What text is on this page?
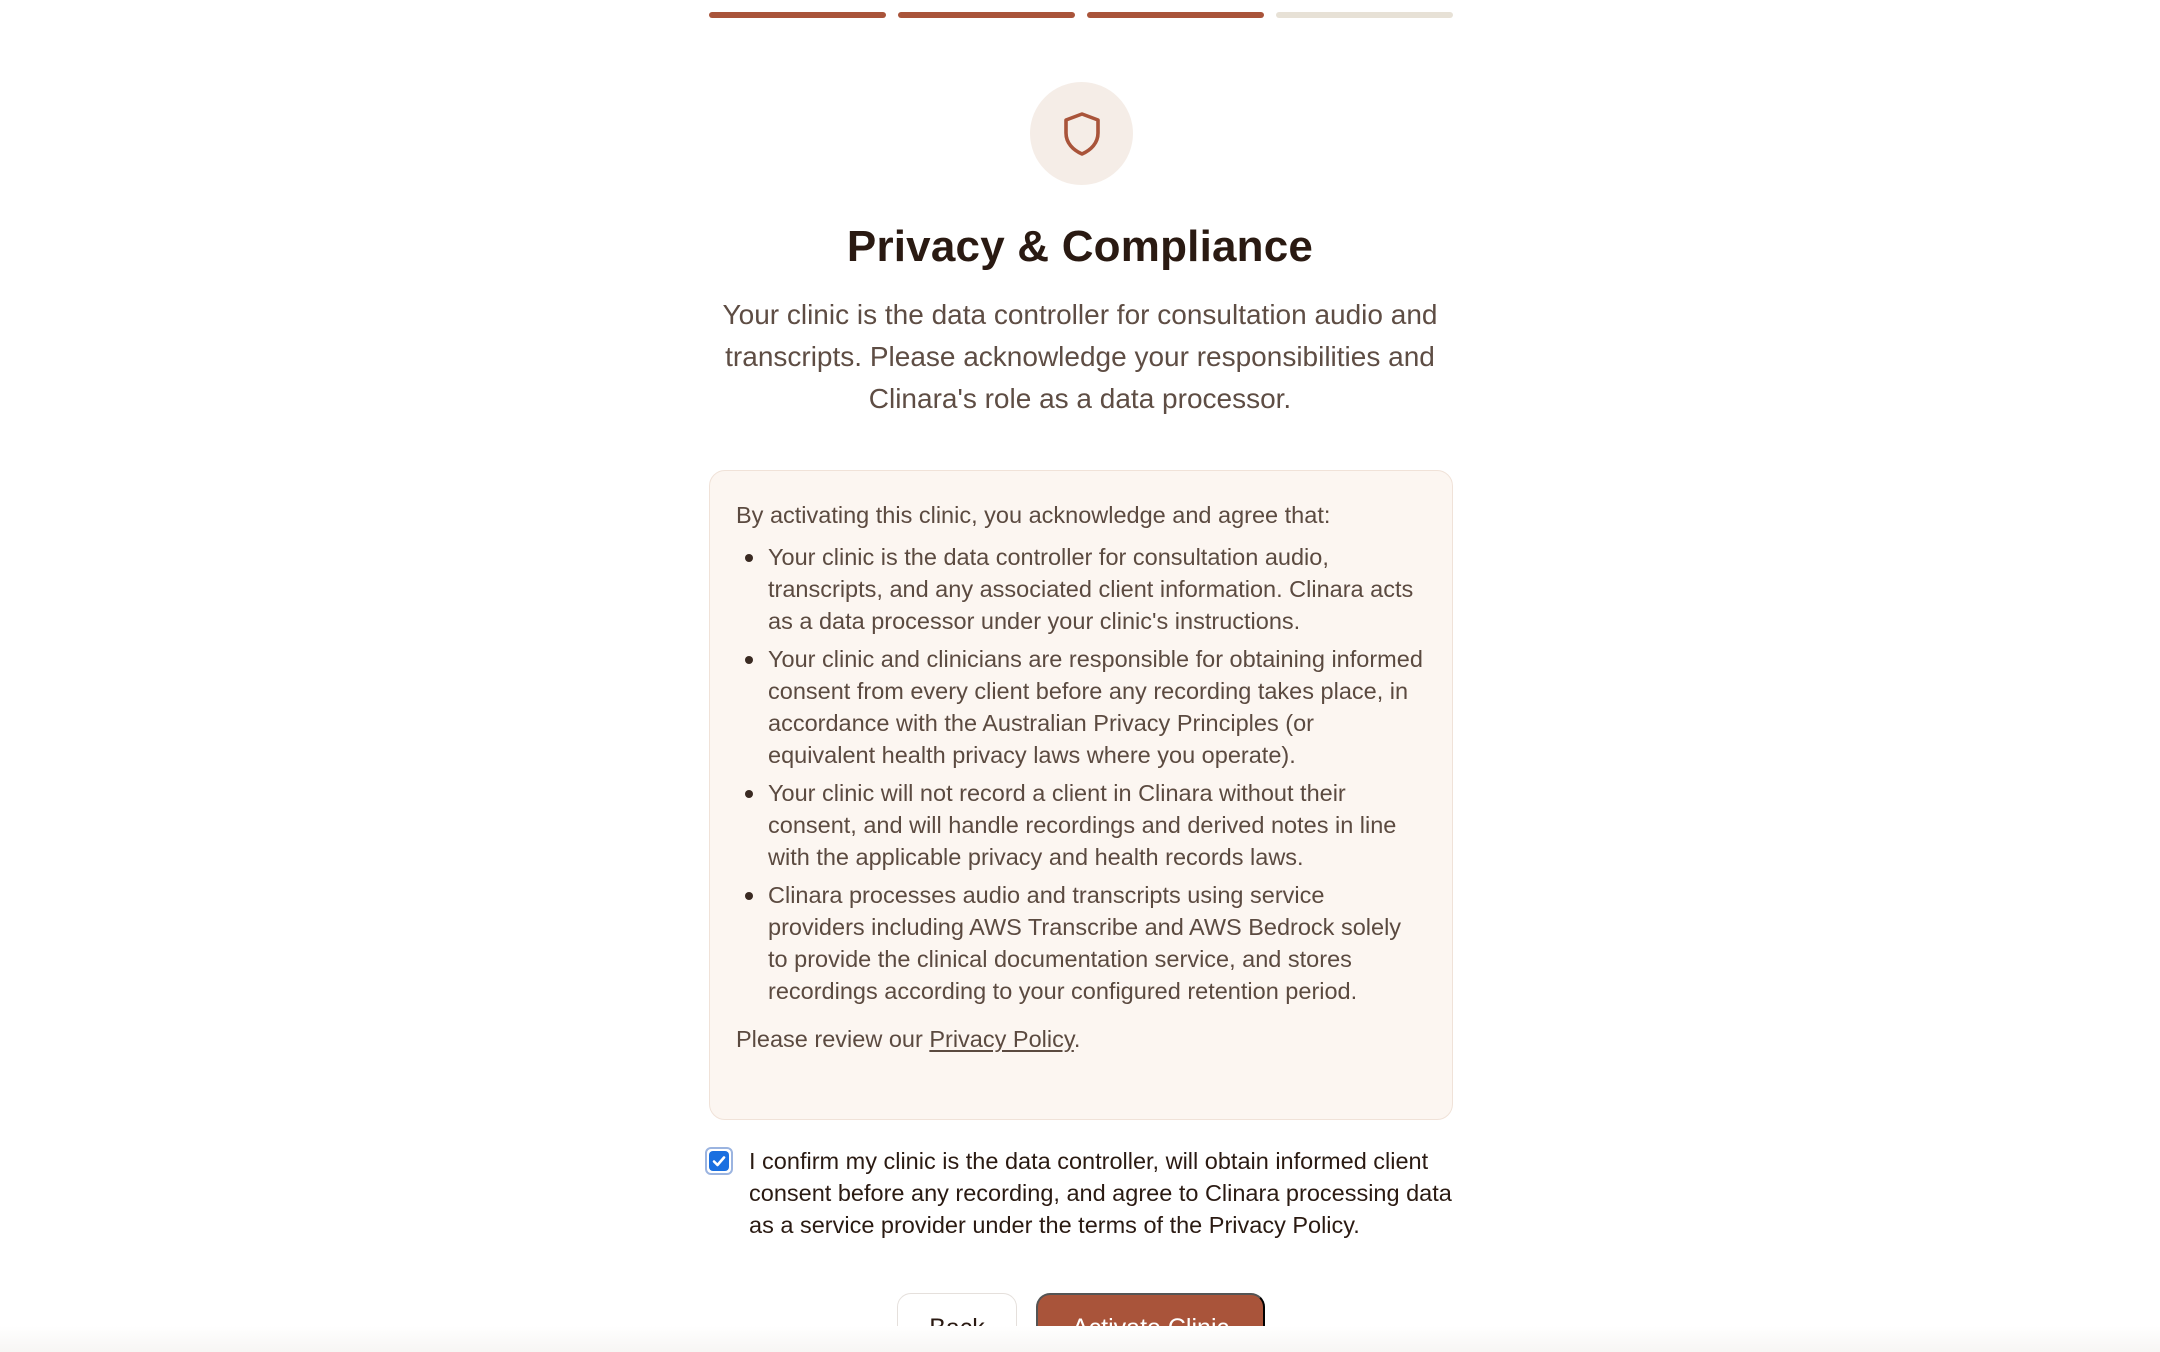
Privacy & Compliance

Your clinic is the data controller for consultation audio and transcripts. Please acknowledge your responsibilities and Clinara's role as a data processor.

By activating this clinic, you acknowledge and agree that:

Your clinic is the data controller for consultation audio, transcripts, and any associated client information. Clinara acts as a data processor under your clinic's instructions.
Your clinic and clinicians are responsible for obtaining informed consent from every client before any recording takes place, in accordance with the Australian Privacy Principles (or equivalent health privacy laws where you operate).
Your clinic will not record a client in Clinara without their consent, and will handle recordings and derived notes in line with the applicable privacy and health records laws.
Clinara processes audio and transcripts using service providers including AWS Transcribe and AWS Bedrock solely to provide the clinical documentation service, and stores recordings according to your configured retention period.

Please review our Privacy Policy.

I confirm my clinic is the data controller, will obtain informed client consent before any recording, and agree to Clinara processing data as a service provider under the terms of the Privacy Policy.
